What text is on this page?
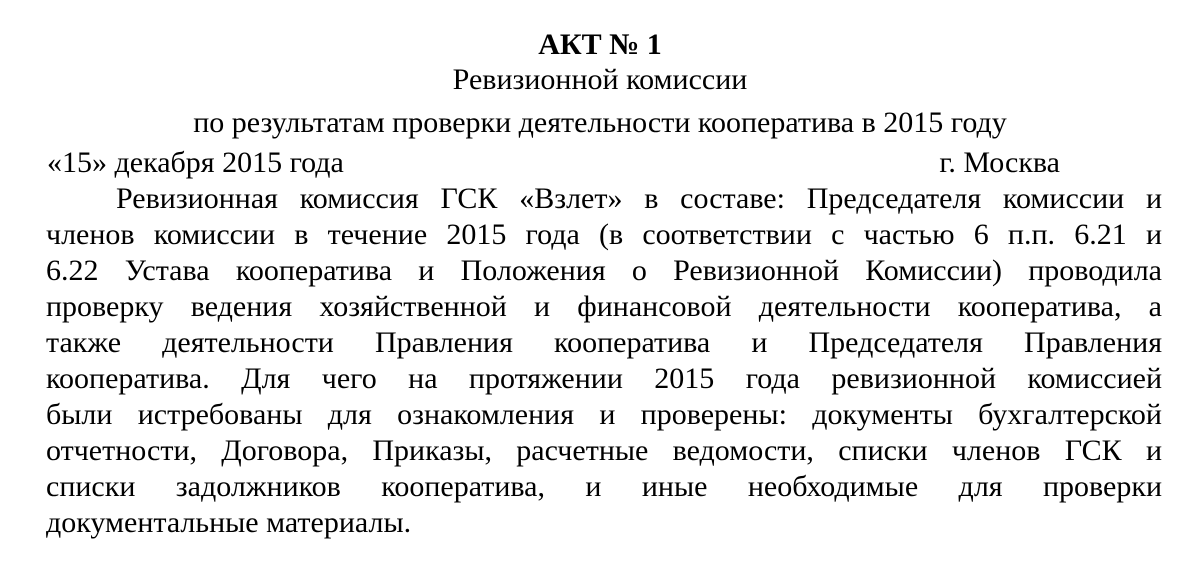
АКТ № 1
Ревизионной комиссии
по результатам проверки деятельности кооператива в 2015 году
«15» декабря 2015 года	г. Москва
Ревизионная комиссия ГСК «Взлет» в составе: Председателя комиссии и
членов комиссии в течение 2015 года (в соответствии с частью 6 п.п. 6.21 и
6.22 Устава кооператива и Положения о Ревизионной Комиссии) проводила
проверку ведения хозяйственной и финансовой деятельности кооператива, а
также деятельности Правления кооператива и Председателя Правления
кооператива. Для чего на протяжении 2015 года ревизионной комиссией
были истребованы для ознакомления и проверены: документы бухгалтерской
отчетности, Договора, Приказы, расчетные ведомости, списки членов ГСК и
списки задолжников кооператива, и иные необходимые для проверки
документальные материалы.
